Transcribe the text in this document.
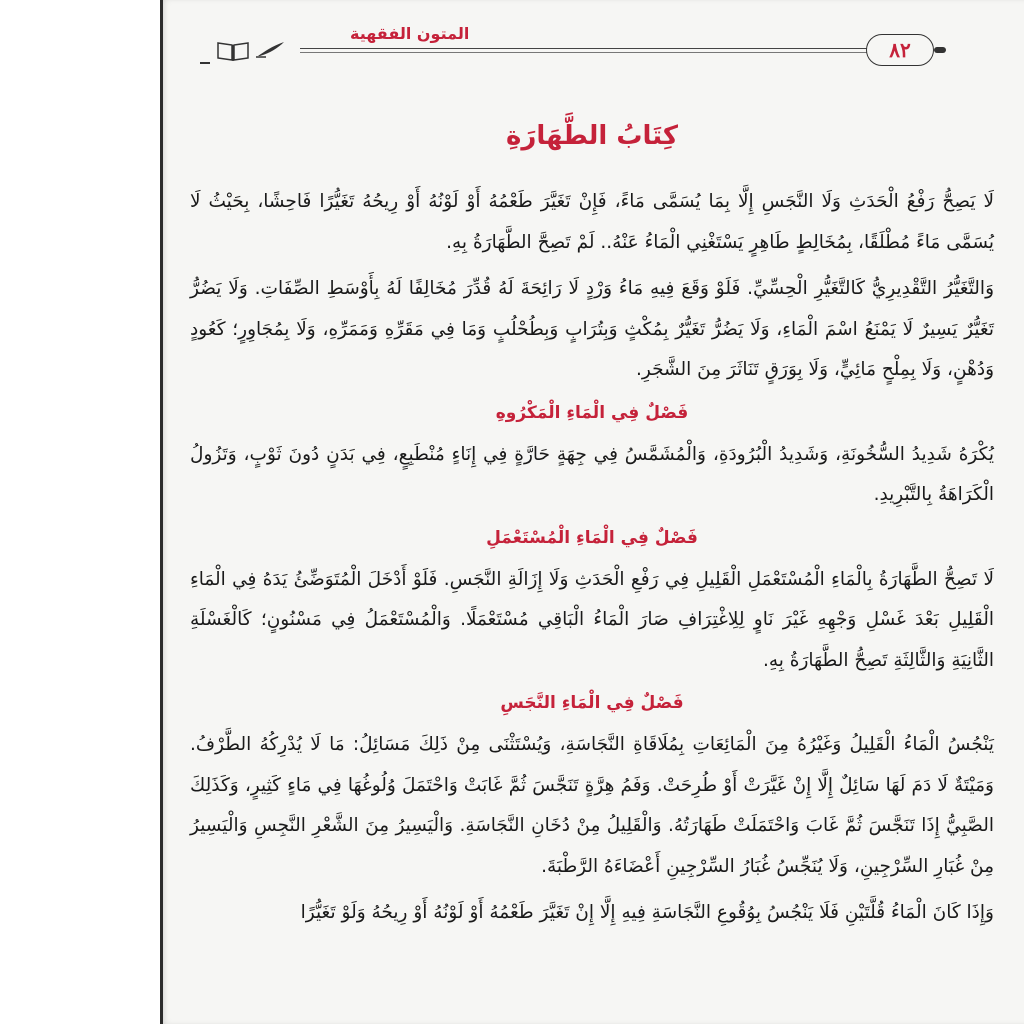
المتون الفقهية
٨٢
كِتَابُ الطَّهَارَةِ

لَا يَصِحُّ رَفْعُ الْحَدَثِ وَلَا النَّجَسِ إِلَّا بِمَا يُسَمَّى مَاءً، فَإِنْ تَغَيَّرَ طَعْمُهُ أَوْ لَوْنُهُ أَوْ رِيحُهُ تَغَيُّرًا فَاحِشًا، بِحَيْثُ لَا يُسَمَّى مَاءً مُطْلَقًا، بِمُخَالِطٍ طَاهِرٍ يَسْتَغْنِي الْمَاءُ عَنْهُ.. لَمْ تَصِحَّ الطَّهَارَةُ بِهِ.

وَالتَّغَيُّرُ التَّقْدِيرِيُّ كَالتَّغَيُّرِ الْحِسِّيِّ. فَلَوْ وَقَعَ فِيهِ مَاءُ وَرْدٍ لَا رَائِحَةَ لَهُ قُدِّرَ مُخَالِفًا لَهُ بِأَوْسَطِ الصِّفَاتِ. وَلَا يَضُرُّ تَغَيُّرٌ يَسِيرٌ لَا يَمْنَعُ اسْمَ الْمَاءِ، وَلَا يَضُرُّ تَغَيُّرٌ بِمُكْثٍ وَبِتُرَابٍ وَبِطُحْلُبٍ وَمَا فِي مَقَرِّهِ وَمَمَرِّهِ، وَلَا بِمُجَاوِرٍ؛ كَعُودٍ وَدُهْنٍ، وَلَا بِمِلْحٍ مَائِيٍّ، وَلَا بِوَرَقٍ تَنَاثَرَ مِنَ الشَّجَرِ.

فَصْلٌ فِي الْمَاءِ الْمَكْرُوهِ

يُكْرَهُ شَدِيدُ السُّخُونَةِ، وَشَدِيدُ الْبُرُودَةِ، وَالْمُشَمَّسُ فِي جِهَةٍ حَارَّةٍ فِي إِنَاءٍ مُنْطَبِعٍ، فِي بَدَنٍ دُونَ ثَوْبٍ، وَتَزُولُ الْكَرَاهَةُ بِالتَّبْرِيدِ.

فَصْلٌ فِي الْمَاءِ الْمُسْتَعْمَلِ

لَا تَصِحُّ الطَّهَارَةُ بِالْمَاءِ الْمُسْتَعْمَلِ الْقَلِيلِ فِي رَفْعِ الْحَدَثِ وَلَا إِزَالَةِ النَّجَسِ. فَلَوْ أَدْخَلَ الْمُتَوَضِّئُ يَدَهُ فِي الْمَاءِ الْقَلِيلِ بَعْدَ غَسْلِ وَجْهِهِ غَيْرَ نَاوٍ لِلِاغْتِرَافِ صَارَ الْمَاءُ الْبَاقِي مُسْتَعْمَلًا. وَالْمُسْتَعْمَلُ فِي مَسْنُونٍ؛ كَالْغَسْلَةِ الثَّانِيَةِ وَالثَّالِثَةِ تَصِحُّ الطَّهَارَةُ بِهِ.

فَصْلٌ فِي الْمَاءِ النَّجَسِ

يَنْجُسُ الْمَاءُ الْقَلِيلُ وَغَيْرُهُ مِنَ الْمَائِعَاتِ بِمُلَاقَاةِ النَّجَاسَةِ، وَيُسْتَثْنَى مِنْ ذَلِكَ مَسَائِلُ: مَا لَا يُدْرِكُهُ الطَّرْفُ. وَمَيْتَةٌ لَا دَمَ لَهَا سَائِلٌ إِلَّا إِنْ غَيَّرَتْ أَوْ طُرِحَتْ. وَفَمُ هِرَّةٍ تَنَجَّسَ ثُمَّ غَابَتْ وَاحْتَمَلَ وُلُوغُهَا فِي مَاءٍ كَثِيرٍ، وَكَذَلِكَ الصَّبِيُّ إِذَا تَنَجَّسَ ثُمَّ غَابَ وَاحْتَمَلَتْ طَهَارَتُهُ. وَالْقَلِيلُ مِنْ دُخَانِ النَّجَاسَةِ. وَالْيَسِيرُ مِنَ الشَّعْرِ النَّجِسِ وَالْيَسِيرُ مِنْ غُبَارِ السِّرْجِينِ، وَلَا يُنَجِّسُ غُبَارُ السِّرْجِينِ أَعْضَاءَهُ الرَّطْبَةَ.

وَإِذَا كَانَ الْمَاءُ قُلَّتَيْنِ فَلَا يَنْجُسُ بِوُقُوعِ النَّجَاسَةِ فِيهِ إِلَّا إِنْ تَغَيَّرَ طَعْمُهُ أَوْ لَوْنُهُ أَوْ رِيحُهُ وَلَوْ تَغَيُّرًا
